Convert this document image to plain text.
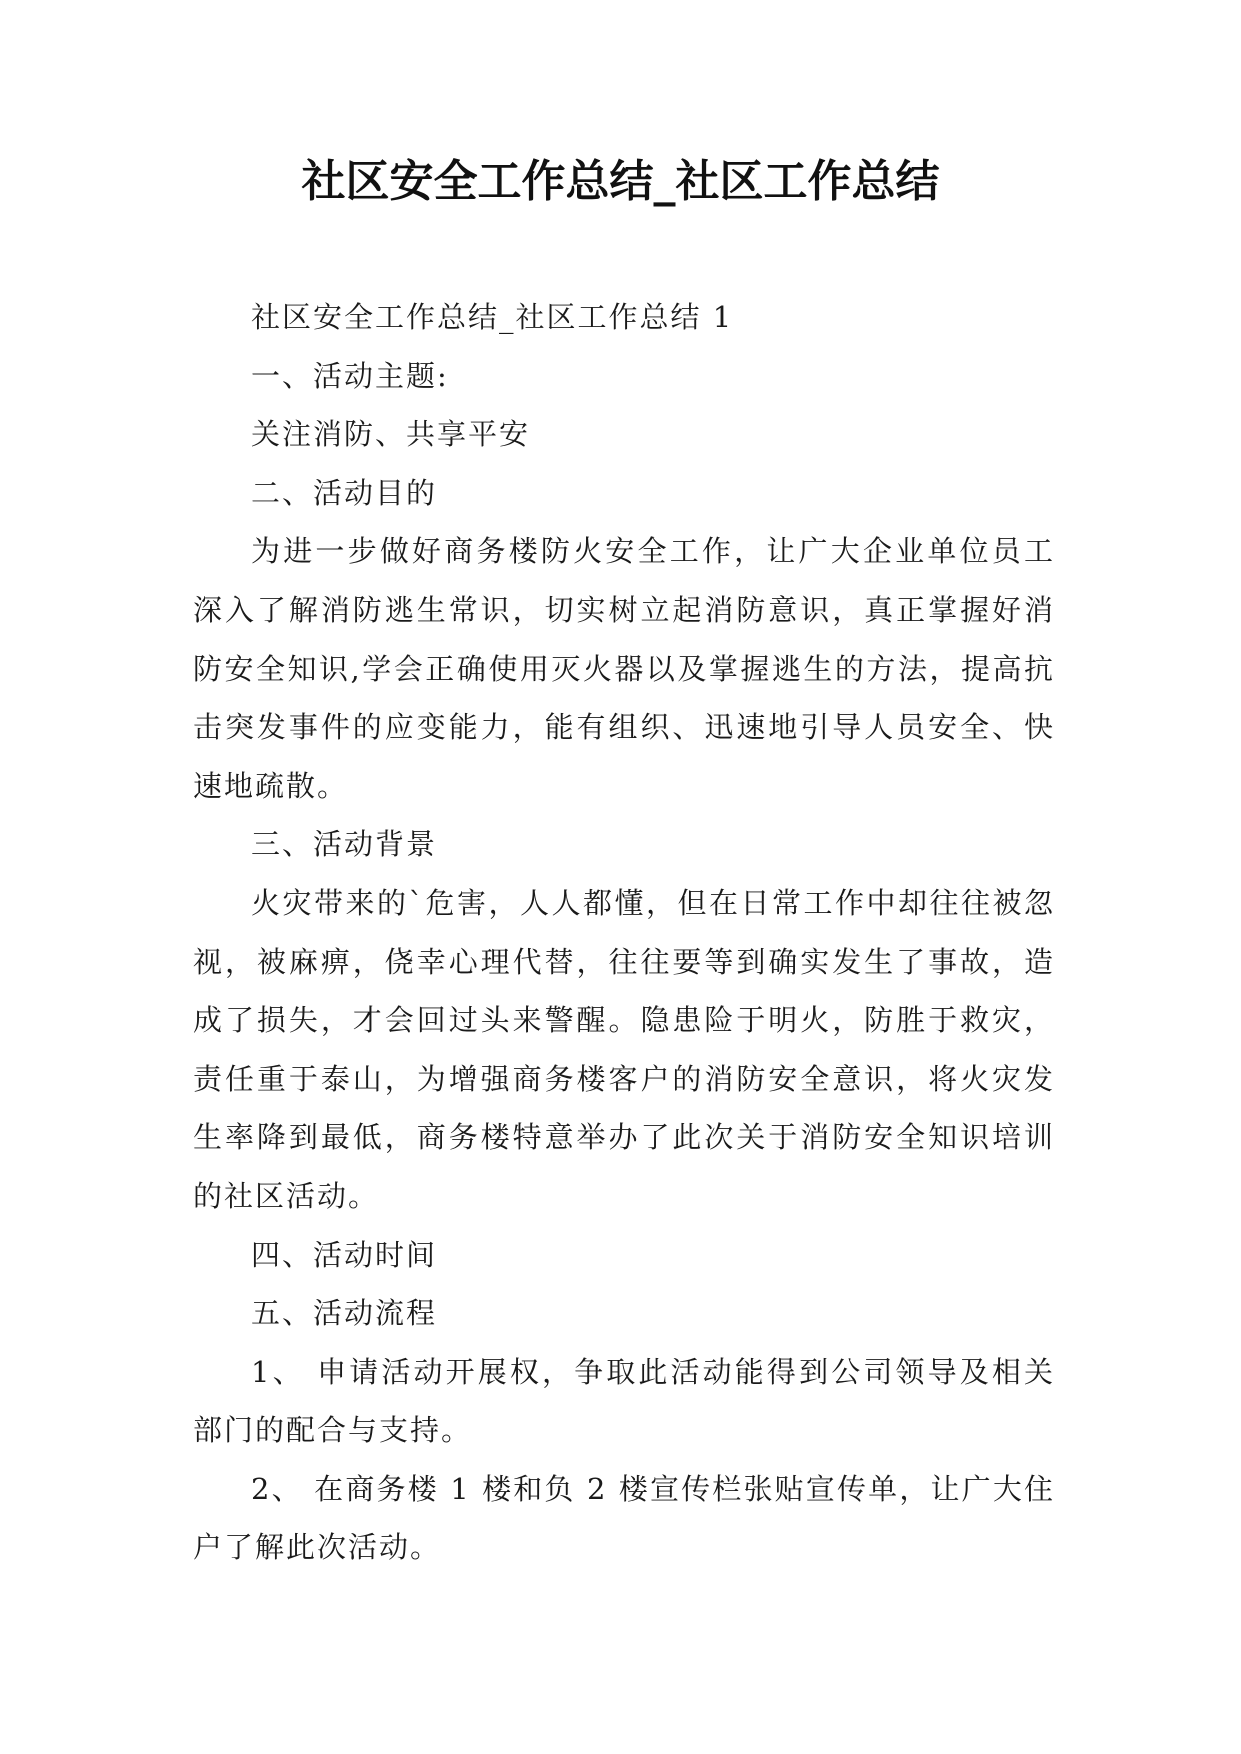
社区安全工作总结_社区工作总结

社区安全工作总结_社区工作总结 1

一、活动主题:

关注消防、共享平安

二、活动目的

为进一步做好商务楼防火安全工作，让广大企业单位员工深入了解消防逃生常识，切实树立起消防意识，真正掌握好消防安全知识,学会正确使用灭火器以及掌握逃生的方法，提高抗击突发事件的应变能力，能有组织、迅速地引导人员安全、快速地疏散。

三、活动背景

火灾带来的`危害，人人都懂，但在日常工作中却往往被忽视，被麻痹，侥幸心理代替，往往要等到确实发生了事故，造成了损失，才会回过头来警醒。隐患险于明火，防胜于救灾，责任重于泰山，为增强商务楼客户的消防安全意识，将火灾发生率降到最低，商务楼特意举办了此次关于消防安全知识培训的社区活动。

四、活动时间

五、活动流程

1、 申请活动开展权，争取此活动能得到公司领导及相关部门的配合与支持。

2、 在商务楼 1 楼和负 2 楼宣传栏张贴宣传单，让广大住户了解此次活动。
